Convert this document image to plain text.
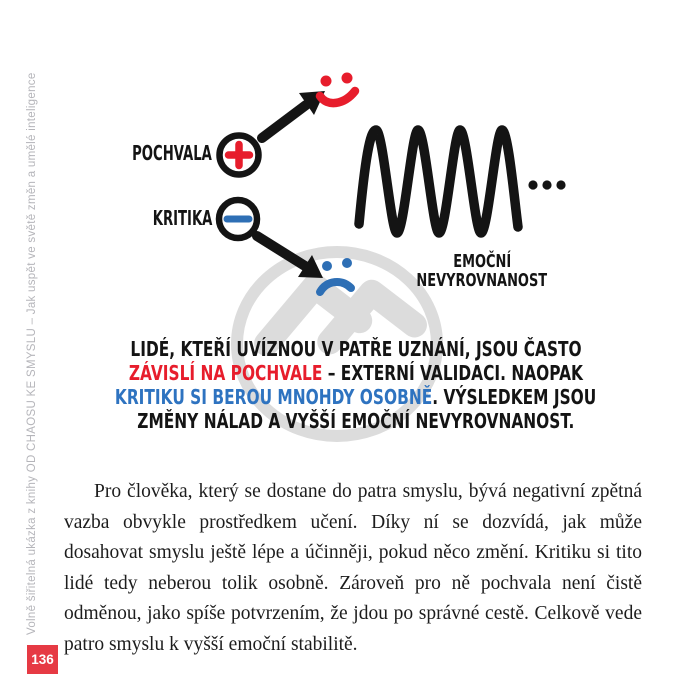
Volně šiřitelná ukázka z knihy OD CHAOSU KE SMYSLU – Jak uspět ve světě změn a umělé inteligence
136
POCHVALA
KRITIKA
EMOČNÍ
NEVYROVNANOST
LIDÉ, KTEŘÍ UVÍZNOU V PATŘE UZNÁNÍ, JSOU ČASTO
ZÁVISLÍ NA POCHVALE – EXTERNÍ VALIDACI. NAOPAK
KRITIKU SI BEROU MNOHDY OSOBNĚ. VÝSLEDKEM JSOU
ZMĚNY NÁLAD A VYŠŠÍ EMOČNÍ NEVYROVNANOST.

Pro člověka, který se dostane do patra smyslu, bývá negativní zpětná vazba obvykle prostředkem učení. Díky ní se dozvídá, jak může dosahovat smyslu ještě lépe a účinněji, pokud něco změní. Kritiku si tito lidé tedy neberou tolik osobně. Zároveň pro ně pochvala není čistě odměnou, jako spíše potvrzením, že jdou po správné cestě. Celkově vede patro smyslu k vyšší emoční stabilitě.
